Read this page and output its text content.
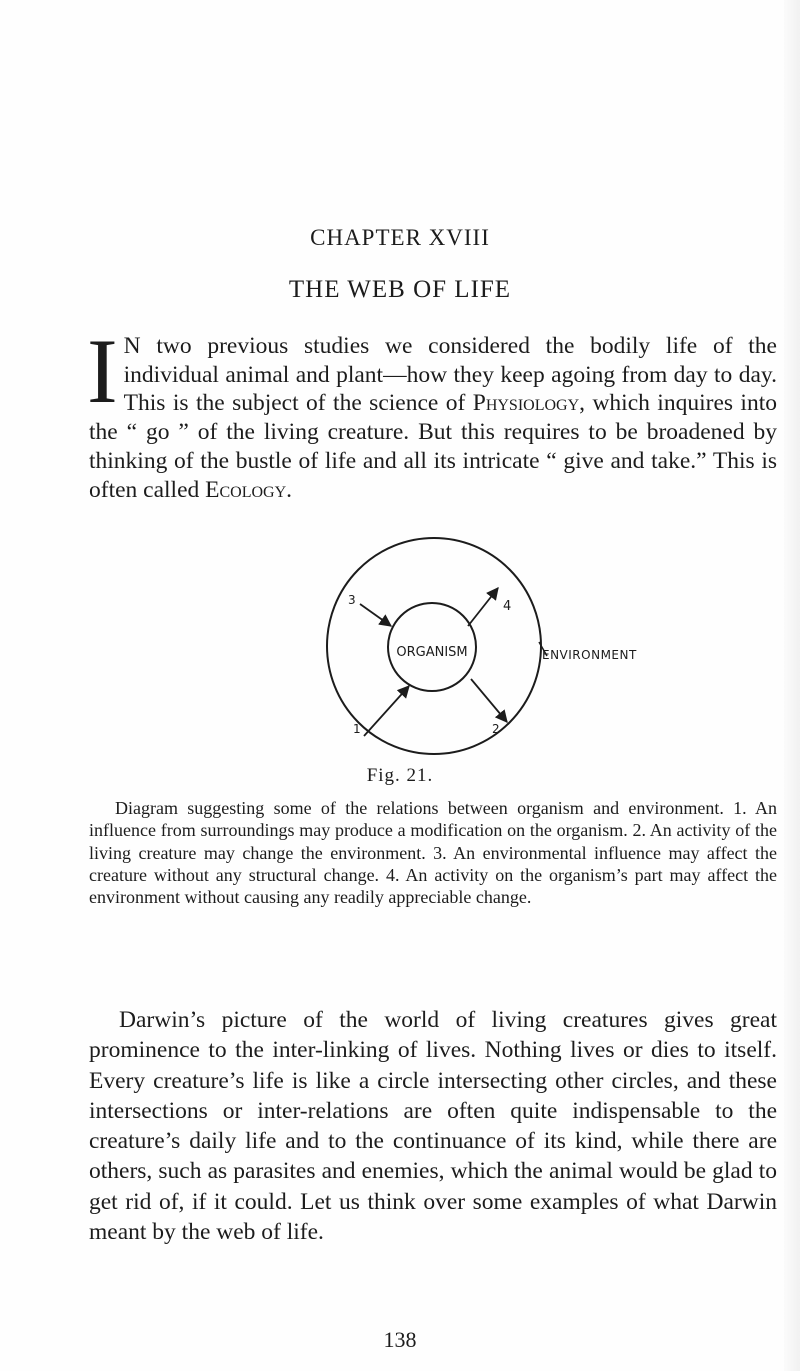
CHAPTER XVIII
THE WEB OF LIFE

I N two previous studies we considered the bodily life of the individual animal and plant—how they keep agoing from day to day. This is the subject of the science of Physiology, which inquires into the “ go ” of the living creature. But this requires to be broadened by thinking of the bustle of life and all its intricate “ give and take.” This is often called Ecology.

3	4
1	2
ORGANISM	ENVIRONMENT
Fig. 21.

Diagram suggesting some of the relations between organism and environment. 1. An influence from surroundings may produce a modification on the organism. 2. An activity of the living creature may change the environment. 3. An environmental influence may affect the creature without any structural change. 4. An activity on the organism’s part may affect the environment without causing any readily appreciable change.

Darwin’s picture of the world of living creatures gives great prominence to the inter-linking of lives. Nothing lives or dies to itself. Every creature’s life is like a circle intersecting other circles, and these intersections or inter-relations are often quite indispensable to the creature’s daily life and to the continuance of its kind, while there are others, such as parasites and enemies, which the animal would be glad to get rid of, if it could. Let us think over some examples of what Darwin meant by the web of life.

138
